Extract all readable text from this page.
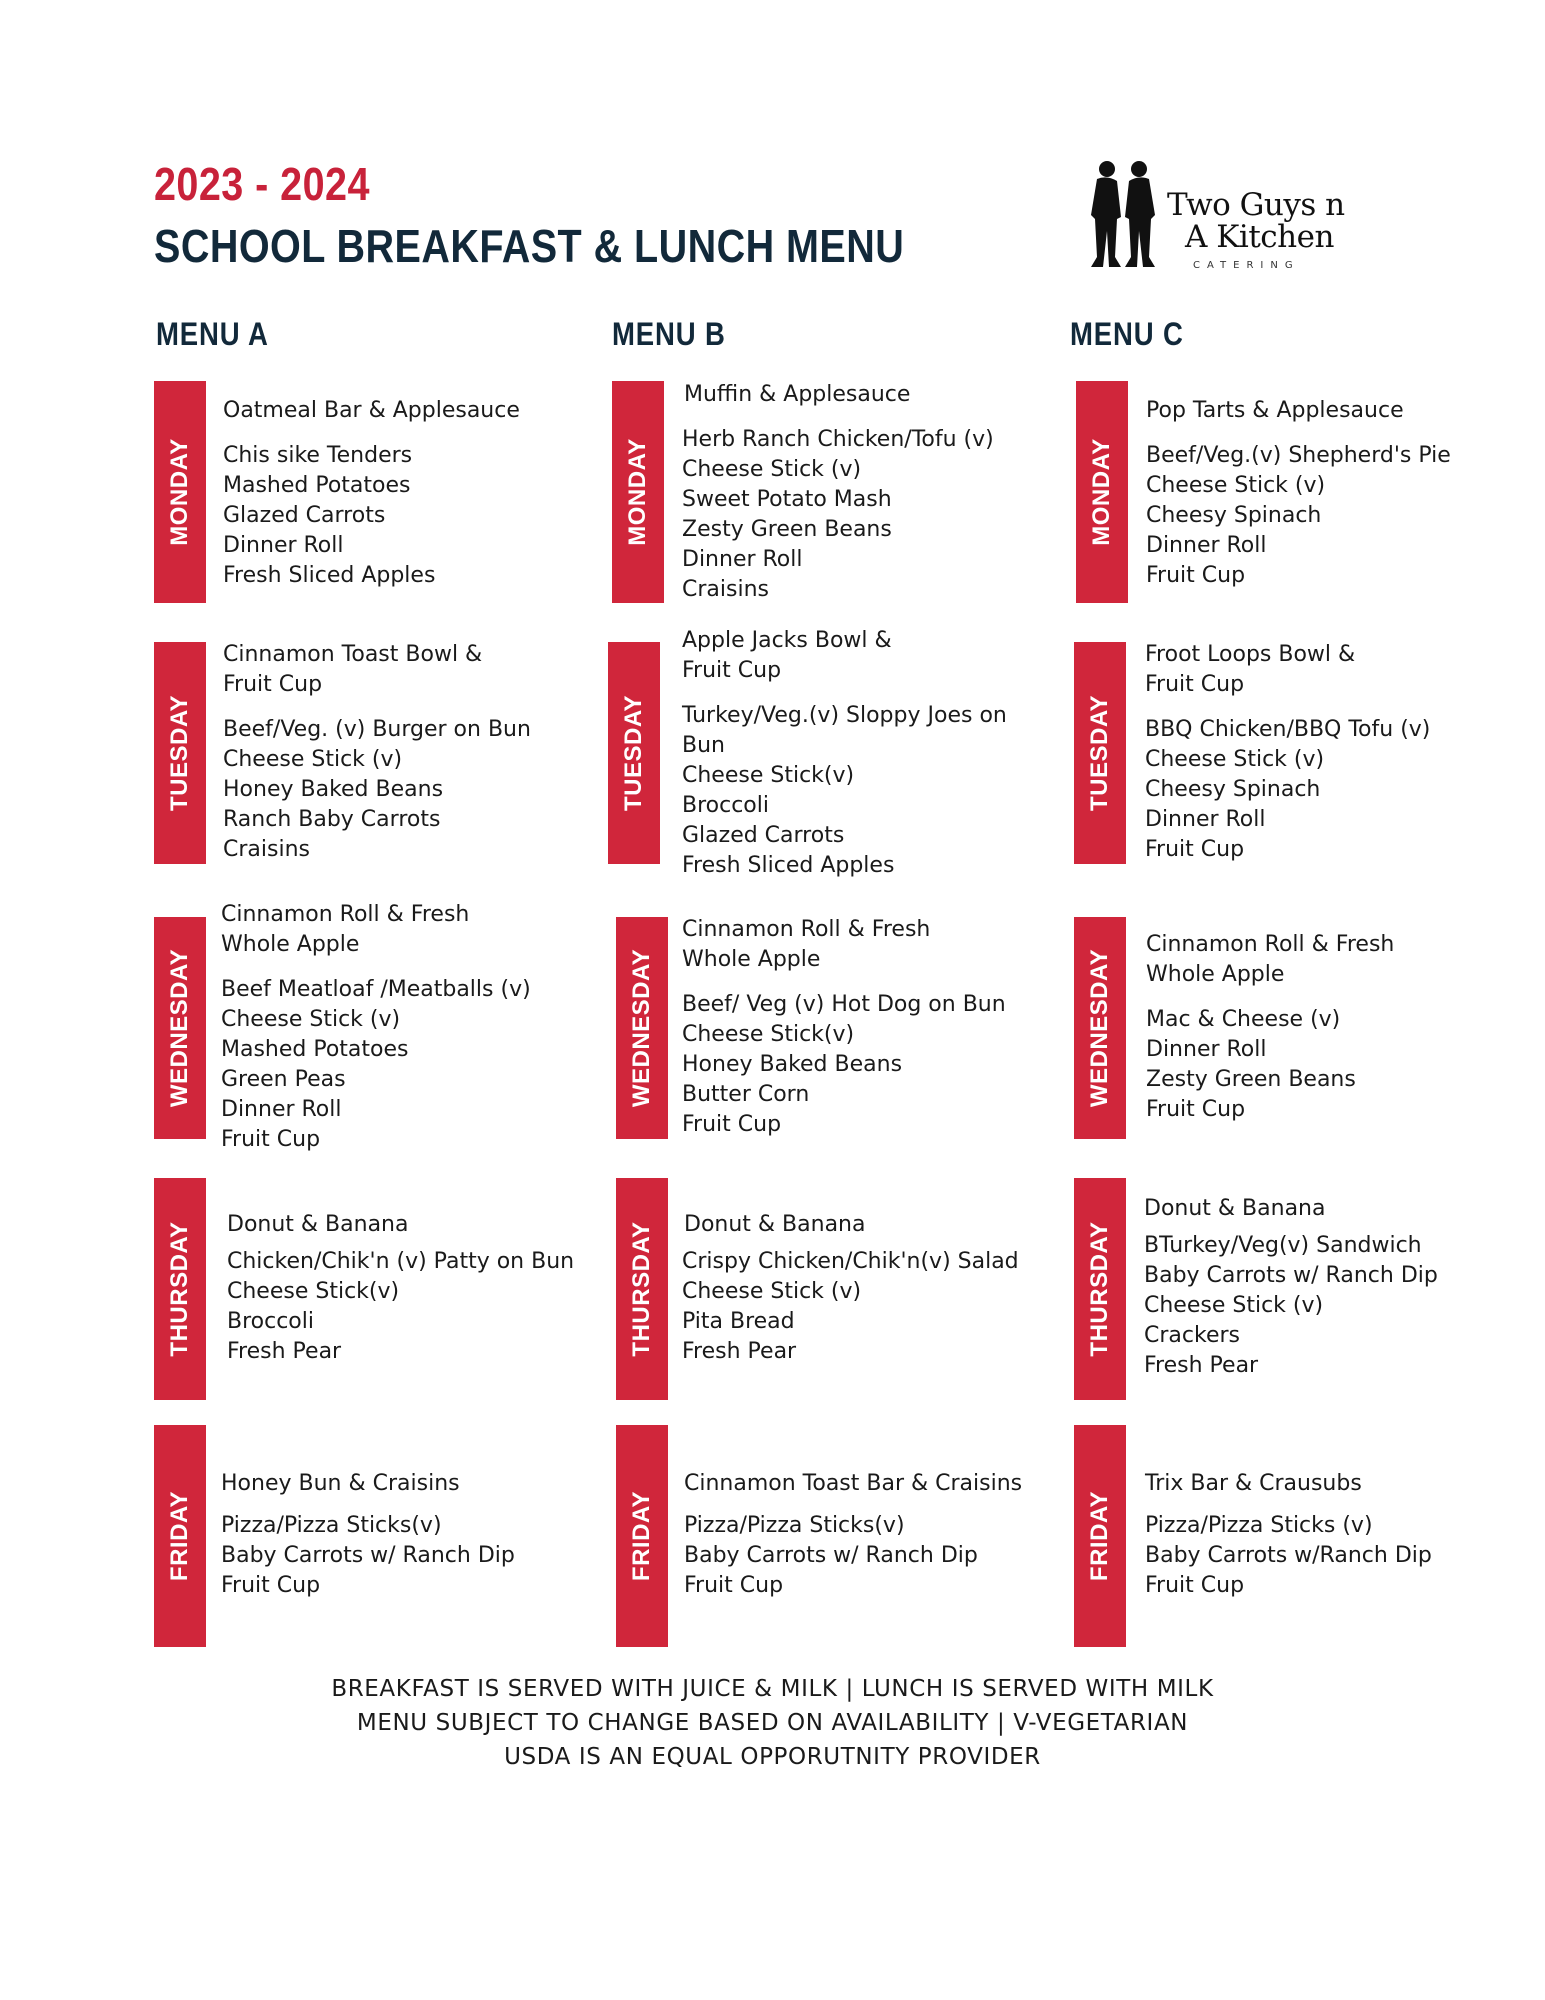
2023 - 2024
SCHOOL BREAKFAST & LUNCH MENU
Two Guys n
A Kitchen
CATERING
MENU A	MENU B	MENU C
MONDAY
Oatmeal Bar & Applesauce
Chis sike Tenders
Mashed Potatoes
Glazed Carrots
Dinner Roll
Fresh Sliced Apples
TUESDAY
Cinnamon Toast Bowl &
Fruit Cup
Beef/Veg. (v) Burger on Bun
Cheese Stick (v)
Honey Baked Beans
Ranch Baby Carrots
Craisins
WEDNESDAY
Cinnamon Roll & Fresh
Whole Apple
Beef Meatloaf /Meatballs (v)
Cheese Stick (v)
Mashed Potatoes
Green Peas
Dinner Roll
Fruit Cup
THURSDAY Donut & Banana
Chicken/Chik'n (v) Patty on Bun
Cheese Stick(v)
Broccoli
Fresh Pear
FRIDAY
Honey Bun & Craisins
Pizza/Pizza Sticks(v)
Baby Carrots w/ Ranch Dip
Fruit Cup
MONDAY
Muffin & Applesauce
Herb Ranch Chicken/Tofu (v)
Cheese Stick (v)
Sweet Potato Mash
Zesty Green Beans
Dinner Roll
Craisins
TUESDAY
Apple Jacks Bowl &
Fruit Cup
Turkey/Veg.(v) Sloppy Joes on
Bun
Cheese Stick(v)
Broccoli
Glazed Carrots
Fresh Sliced Apples
WEDNESDAY
Cinnamon Roll & Fresh
Whole Apple
Beef/ Veg (v) Hot Dog on Bun
Cheese Stick(v)
Honey Baked Beans
Butter Corn
Fruit Cup
THURSDAY Donut & Banana
Crispy Chicken/Chik'n(v) Salad
Cheese Stick (v)
Pita Bread
Fresh Pear
FRIDAY
Cinnamon Toast Bar & Craisins
Pizza/Pizza Sticks(v)
Baby Carrots w/ Ranch Dip
Fruit Cup
MONDAY
Pop Tarts & Applesauce
Beef/Veg.(v) Shepherd's Pie
Cheese Stick (v)
Cheesy Spinach
Dinner Roll
Fruit Cup
TUESDAY
Froot Loops Bowl &
Fruit Cup
BBQ Chicken/BBQ Tofu (v)
Cheese Stick (v)
Cheesy Spinach
Dinner Roll
Fruit Cup
WEDNESDAY
Cinnamon Roll & Fresh
Whole Apple
Mac & Cheese (v)
Dinner Roll
Zesty Green Beans
Fruit Cup
THURSDAY
Donut & Banana
BTurkey/Veg(v) Sandwich
Baby Carrots w/ Ranch Dip
Cheese Stick (v)
Crackers
Fresh Pear
FRIDAY
Trix Bar & Crausubs
Pizza/Pizza Sticks (v)
Baby Carrots w/Ranch Dip
Fruit Cup
BREAKFAST IS SERVED WITH JUICE & MILK | LUNCH IS SERVED WITH MILK
MENU SUBJECT TO CHANGE BASED ON AVAILABILITY | V-VEGETARIAN
USDA IS AN EQUAL OPPORUTNITY PROVIDER
